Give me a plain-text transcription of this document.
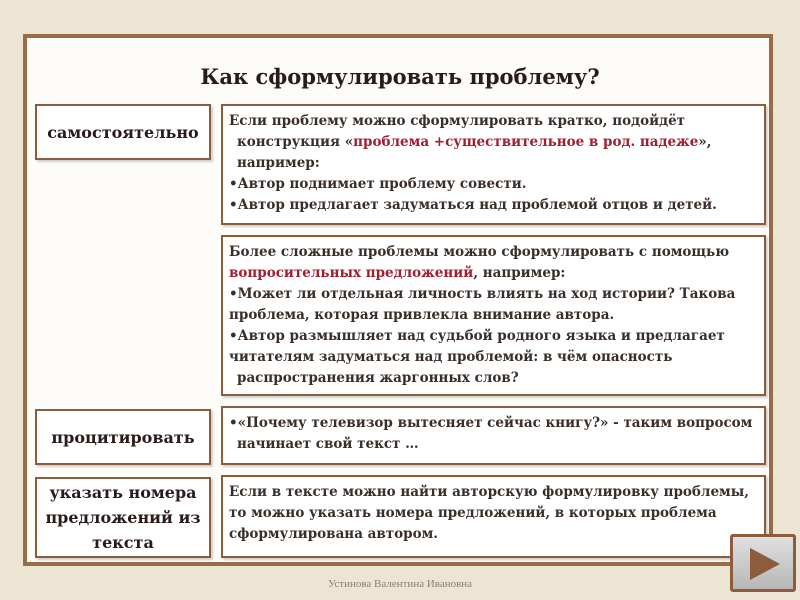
Как сформулировать проблему?
самостоятельно
Если проблему можно сформулировать кратко, подойдёт
конструкция «проблема +существительное в род. падеже»,
например:
•Автор поднимает проблему совести.
•Автор предлагает задуматься над проблемой отцов и детей.
Более сложные проблемы можно сформулировать с помощью
вопросительных предложений, например:
•Может ли отдельная личность влиять на ход истории? Такова
проблема, которая привлекла внимание автора.
•Автор размышляет над судьбой родного языка и предлагает
читателям задуматься над проблемой: в чём опасность
распространения жаргонных слов?
процитировать
•«Почему телевизор вытесняет сейчас книгу?» - таким вопросом
начинает свой текст …
указать номера предложений из текста
Если в тексте можно найти авторскую формулировку проблемы,
то можно указать номера предложений, в которых проблема
сформулирована автором.
Устинова Валентина Ивановна
